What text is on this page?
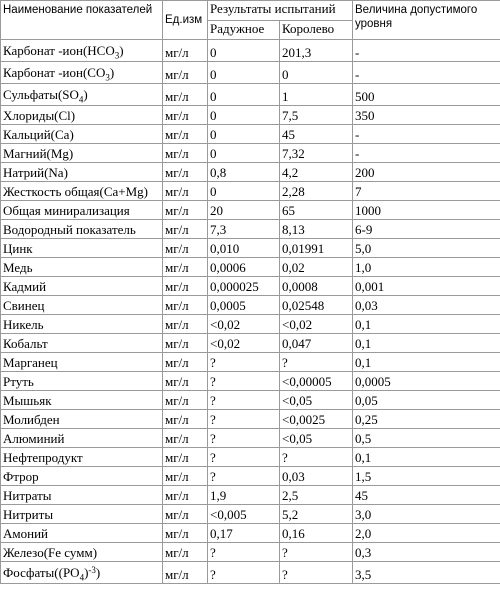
Наименование показателей	Ед.изм	Результаты испытаний		Величина допустимого уровня
		Радужное	Королево	
Карбонат $-ион(HCO_3)$	мг/л	0	201,3	-
Карбонат $-ион(CO_3)$	мг/л	0	0	-
$Сульфаты(SO_4)$	мг/л	0	1	500
Хлориды(Cl)	мг/л	0	7,5	350
Кальций(Ca)	мг/л	0	45	-
Магний(Mg)	мг/л	0	7,32	-
Натрий(Na)	мг/л	0,8	4,2	200
Жесткость общая(Ca+Mg)	мг/л	0	2,28	7
Общая минирализация	мг/л	20	65	1000
Водородный показатель	мг/л	7,3	8,13	6-9
Цинк	мг/л	0,010	0,01991	5,0
Медь	мг/л	0,0006	0,02	1,0
Кадмий	мг/л	0,000025	0,0008	0,001
Свинец	мг/л	0,0005	0,02548	0,03
Никель	мг/л	<0,02	<0,02	0,1
Кобальт	мг/л	<0,02	0,047	0,1
Марганец	мг/л	?	?	0,1
Ртуть	мг/л	?	<0,00005	0,0005
Мышьяк	мг/л	?	<0,05	0,05
Молибден	мг/л	?	<0,0025	0,25
Алюминий	мг/л	?	<0,05	0,5
Нефтепродукт	мг/л	?	?	0,1
Фтрор	мг/л	?	0,03	1,5
Нитраты	мг/л	1,9	2,5	45
Нитриты	мг/л	<0,005	5,2	3,0
Амоний	мг/л	0,17	0,16	2,0
Железо(Fe сумм)	мг/л	?	?	0,3
$Фосфаты((PO_4)^{-3})$	мг/л	?	?	3,5
